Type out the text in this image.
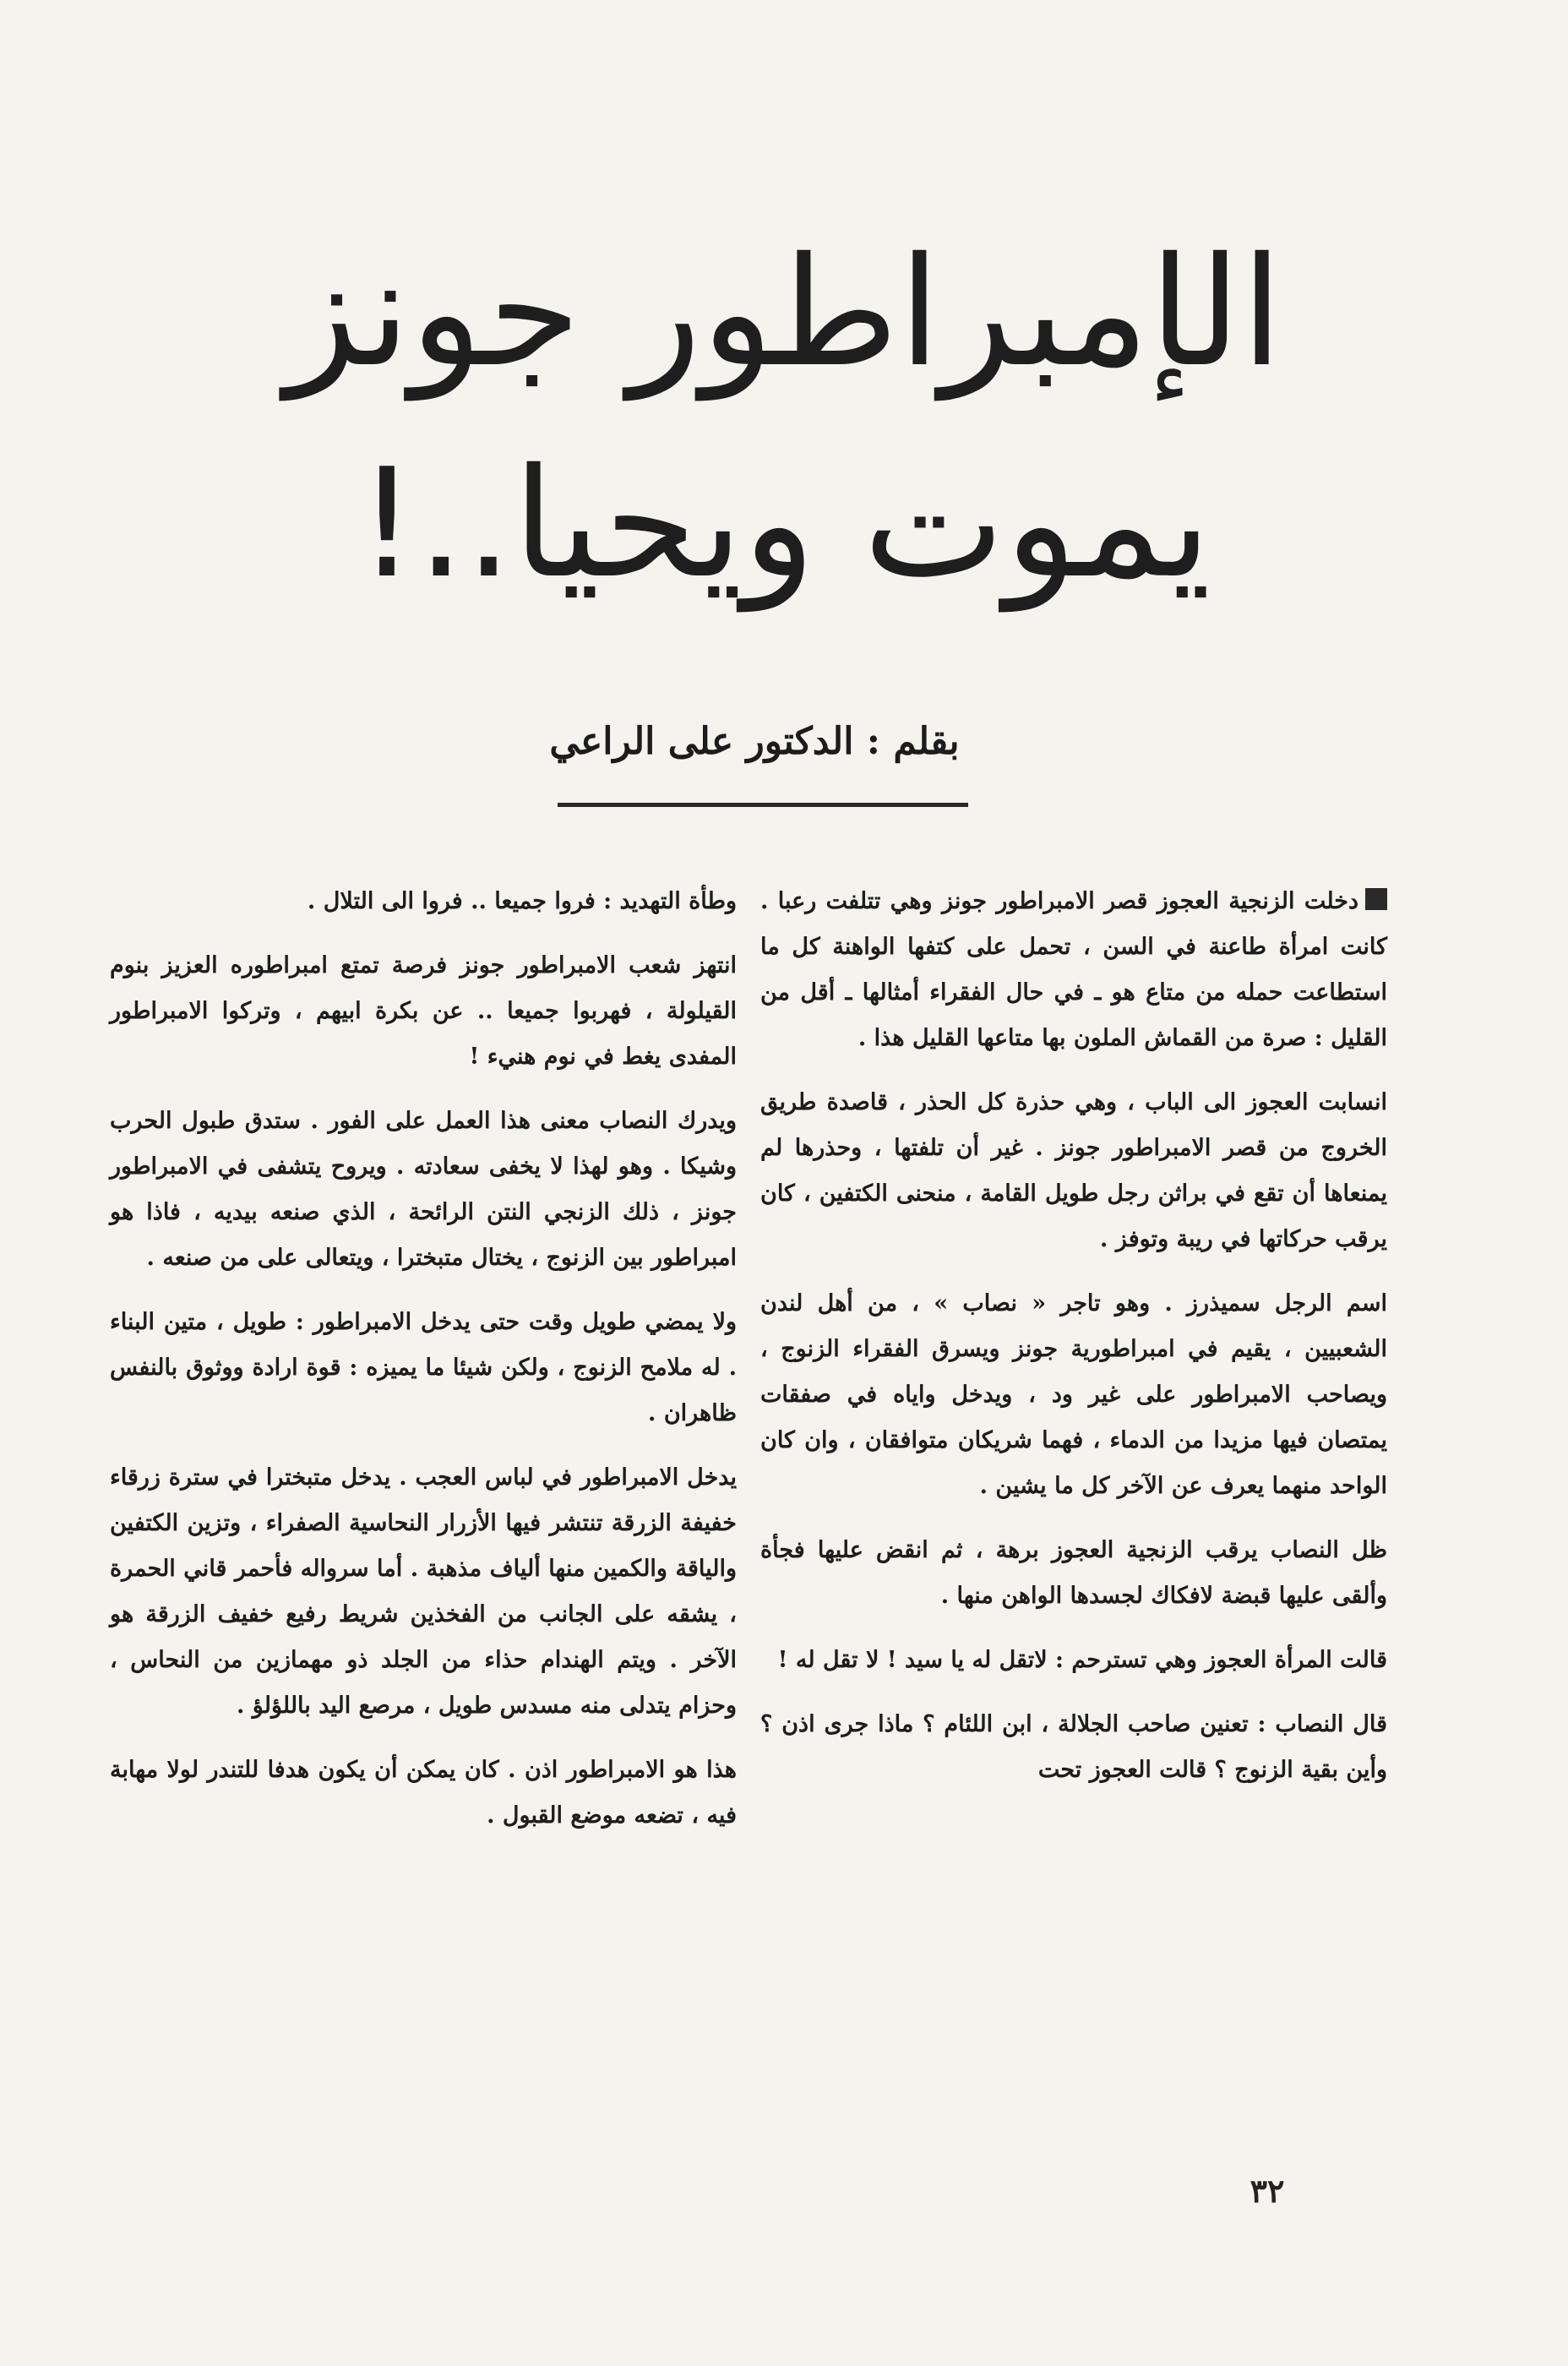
الإمبراطور جونز
يموت ويحيا..!
بقلم : الدكتور على الراعي

دخلت الزنجية العجوز قصر الامبراطور جونز وهي تتلفت رعبا . كانت امرأة طاعنة في السن ، تحمل على كتفها الواهنة كل ما استطاعت حمله من متاع هو ـ في حال الفقراء أمثالها ـ أقل من القليل : صرة من القماش الملون بها متاعها القليل هذا .

انسابت العجوز الى الباب ، وهي حذرة كل الحذر ، قاصدة طريق الخروج من قصر الامبراطور جونز . غير أن تلفتها ، وحذرها لم يمنعاها أن تقع في براثن رجل طويل القامة ، منحنى الكتفين ، كان يرقب حركاتها في ريبة وتوفز .

اسم الرجل سميذرز . وهو تاجر « نصاب » ، من أهل لندن الشعبيين ، يقيم في امبراطورية جونز ويسرق الفقراء الزنوج ، ويصاحب الامبراطور على غير ود ، ويدخل واياه في صفقات يمتصان فيها مزيدا من الدماء ، فهما شريكان متوافقان ، وان كان الواحد منهما يعرف عن الآخر كل ما يشين .

ظل النصاب يرقب الزنجية العجوز برهة ، ثم انقض عليها فجأة وألقى عليها قبضة لافكاك لجسدها الواهن منها .

قالت المرأة العجوز وهي تسترحم : لاتقل له يا سيد ! لا تقل له !

قال النصاب : تعنين صاحب الجلالة ، ابن اللئام ؟ ماذا جرى اذن ؟ وأين بقية الزنوج ؟ قالت العجوز تحت

وطأة التهديد : فروا جميعا .. فروا الى التلال .

انتهز شعب الامبراطور جونز فرصة تمتع امبراطوره العزيز بنوم القيلولة ، فهربوا جميعا .. عن بكرة ابيهم ، وتركوا الامبراطور المفدى يغط في نوم هنيء !

ويدرك النصاب معنى هذا العمل على الفور . ستدق طبول الحرب وشيكا . وهو لهذا لا يخفى سعادته . ويروح يتشفى في الامبراطور جونز ، ذلك الزنجي النتن الرائحة ، الذي صنعه بيديه ، فاذا هو امبراطور بين الزنوج ، يختال متبخترا ، ويتعالى على من صنعه .

ولا يمضي طويل وقت حتى يدخل الامبراطور : طويل ، متين البناء . له ملامح الزنوج ، ولكن شيئا ما يميزه : قوة ارادة ووثوق بالنفس ظاهران .

يدخل الامبراطور في لباس العجب . يدخل متبخترا في سترة زرقاء خفيفة الزرقة تنتشر فيها الأزرار النحاسية الصفراء ، وتزين الكتفين والياقة والكمين منها ألياف مذهبة . أما سرواله فأحمر قاني الحمرة ، يشقه على الجانب من الفخذين شريط رفيع خفيف الزرقة هو الآخر . ويتم الهندام حذاء من الجلد ذو مهمازين من النحاس ، وحزام يتدلى منه مسدس طويل ، مرصع اليد باللؤلؤ .

هذا هو الامبراطور اذن . كان يمكن أن يكون هدفا للتندر لولا مهابة فيه ، تضعه موضع القبول .

٣٢
